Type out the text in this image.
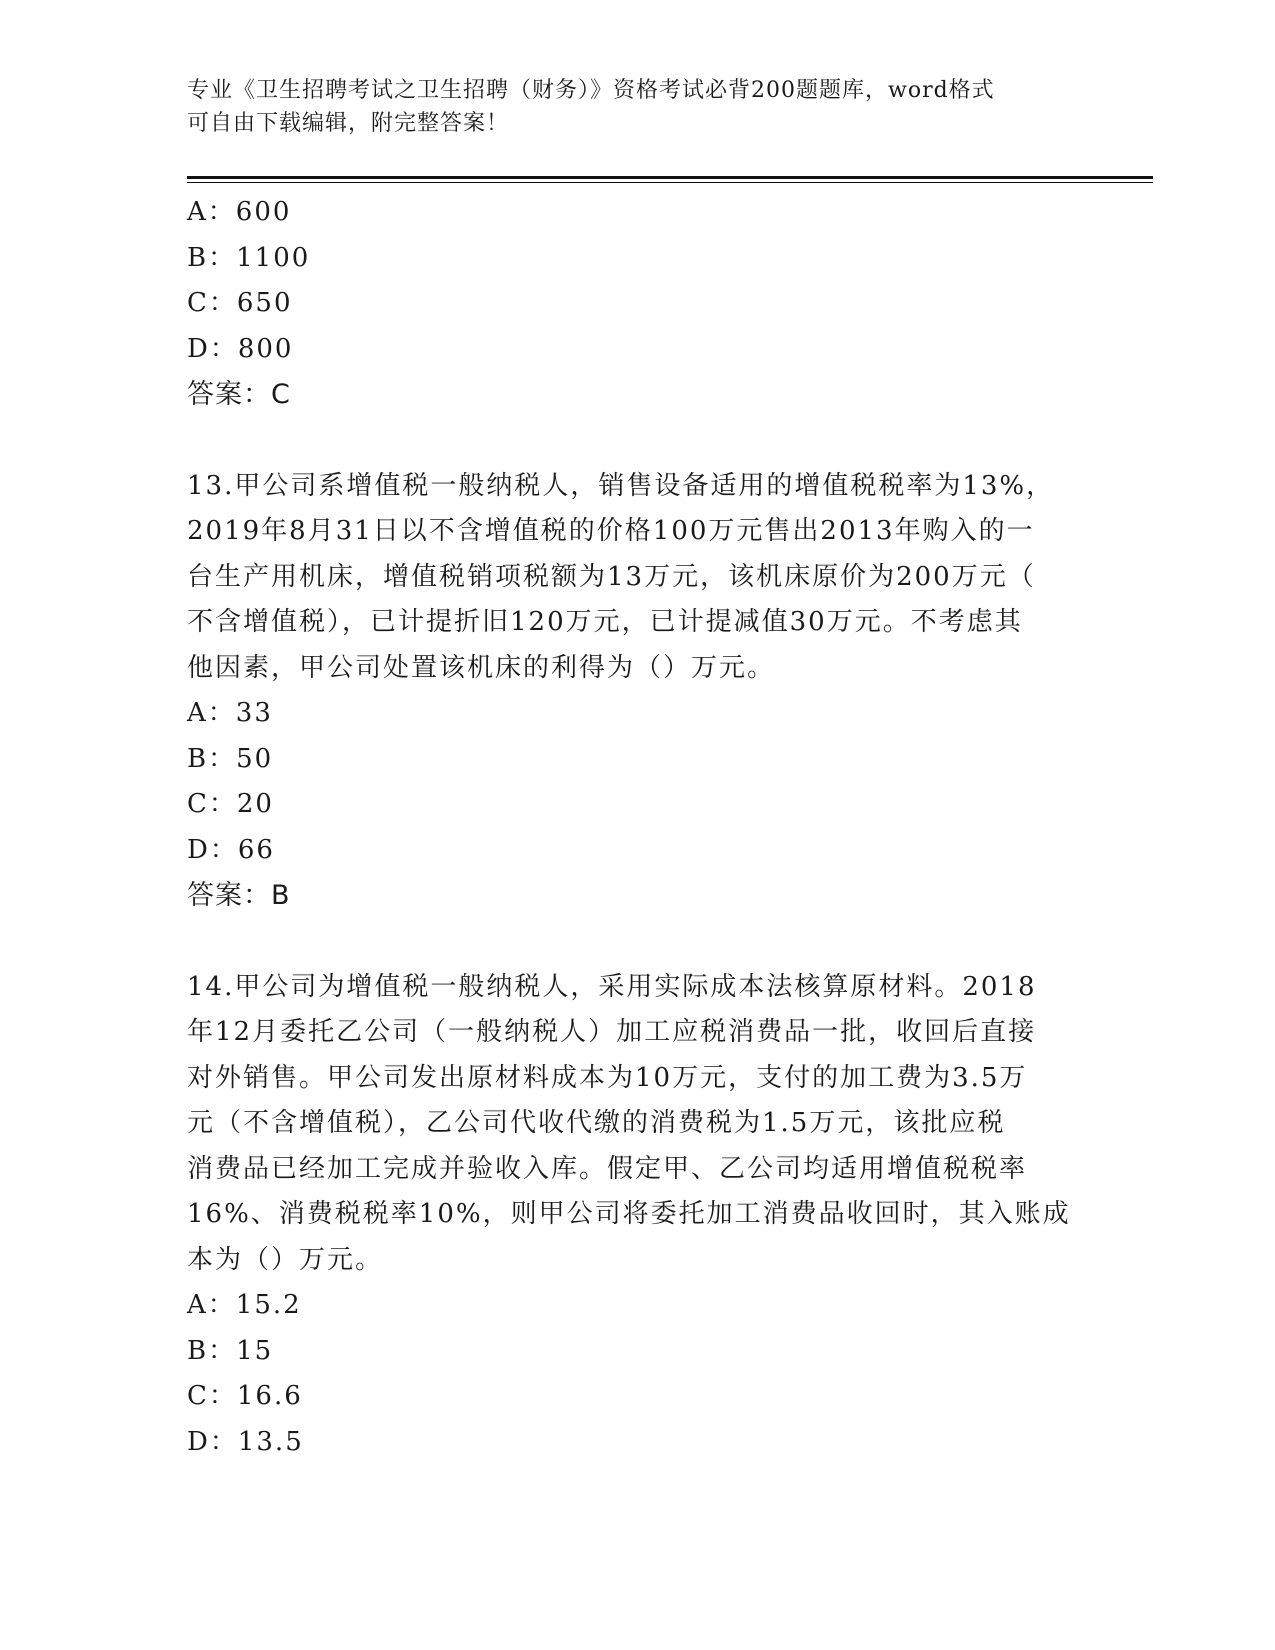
专业《卫生招聘考试之卫生招聘（财务）》资格考试必背200题题库，word格式
可自由下载编辑，附完整答案！
A：600
B：1100
C：650
D：800
答案：C
13.甲公司系增值税一般纳税人，销售设备适用的增值税税率为13%，
2019年8月31日以不含增值税的价格100万元售出2013年购入的一
台生产用机床，增值税销项税额为13万元，该机床原价为200万元（
不含增值税），已计提折旧120万元，已计提减值30万元。不考虑其
他因素，甲公司处置该机床的利得为（）万元。
A：33
B：50
C：20
D：66
答案：B
14.甲公司为增值税一般纳税人，采用实际成本法核算原材料。2018
年12月委托乙公司（一般纳税人）加工应税消费品一批，收回后直接
对外销售。甲公司发出原材料成本为10万元，支付的加工费为3.5万
元（不含增值税），乙公司代收代缴的消费税为1.5万元，该批应税
消费品已经加工完成并验收入库。假定甲、乙公司均适用增值税税率
16%、消费税税率10%，则甲公司将委托加工消费品收回时，其入账成
本为（）万元。
A：15.2
B：15
C：16.6
D：13.5
